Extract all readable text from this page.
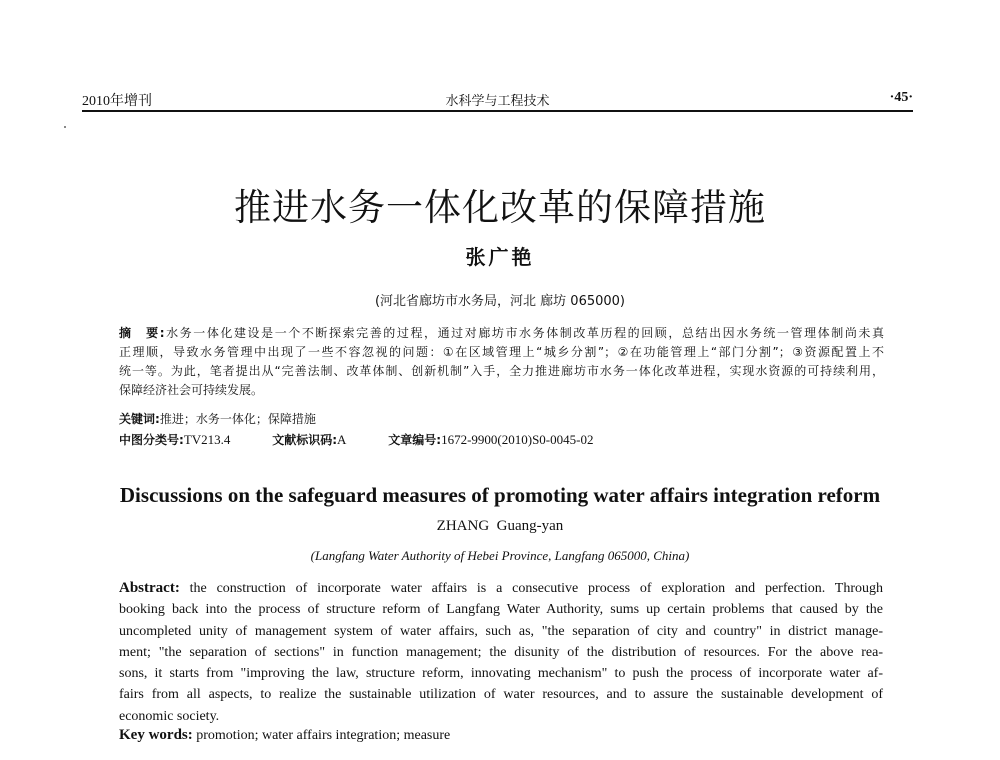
2010年增刊	水科学与工程技术	·45·
推进水务一体化改革的保障措施
张广艳
(河北省廊坊市水务局，河北 廊坊 065000)
摘　要:水务一体化建设是一个不断探索完善的过程，通过对廊坊市水务体制改革历程的回顾，总结出因水务统一管理体制尚未真
正理顺，导致水务管理中出现了一些不容忽视的问题：①在区域管理上“城乡分割”；②在功能管理上“部门分割”；③资源配置上不
统一等。为此，笔者提出从“完善法制、改革体制、创新机制”入手，全力推进廊坊市水务一体化改革进程，实现水资源的可持续利用，
保障经济社会可持续发展。
关键词:推进；水务一体化；保障措施
中图分类号:TV213.4	文献标识码:A	文章编号:1672-9900(2010)S0-0045-02
Discussions on the safeguard measures of promoting water affairs integration reform
ZHANG  Guang-yan
(Langfang Water Authority of Hebei Province, Langfang 065000, China)
Abstract: the construction of incorporate water affairs is a consecutive process of exploration and perfection. Through
booking back into the process of structure reform of Langfang Water Authority, sums up certain problems that caused by the
uncompleted unity of management system of water affairs, such as, "the separation of city and country" in district manage-
ment; "the separation of sections" in function management; the disunity of the distribution of resources. For the above rea-
sons, it starts from "improving the law, structure reform, innovating mechanism" to push the process of incorporate water af-
fairs from all aspects, to realize the sustainable utilization of water resources, and to assure the sustainable development of
economic society.
Key words: promotion; water affairs integration; measure
